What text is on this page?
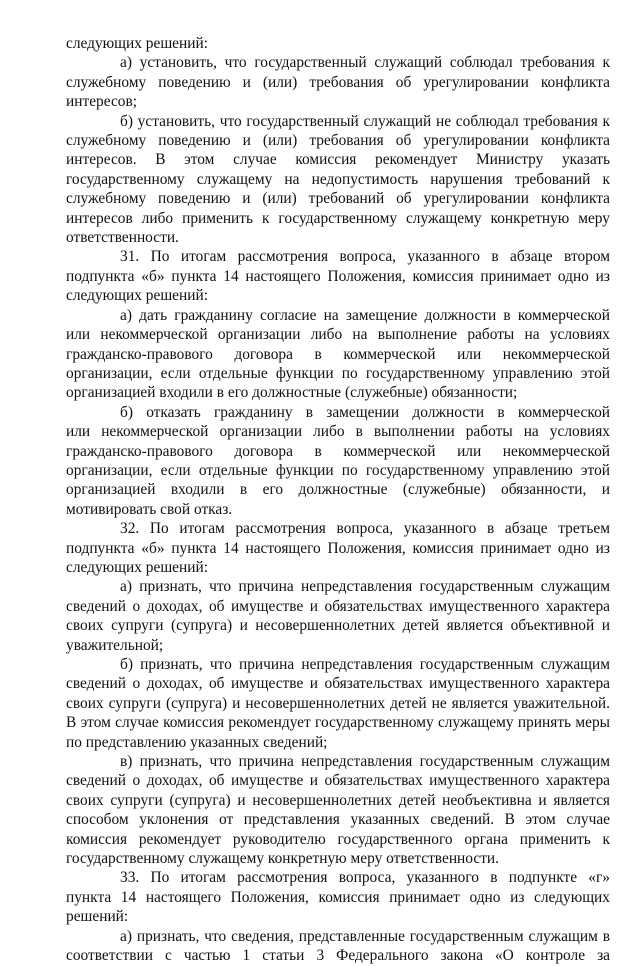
следующих решений:
а) установить, что государственный служащий соблюдал требования к
служебному поведению и (или) требования об урегулировании конфликта
интересов;
б) установить, что государственный служащий не соблюдал требования к
служебному поведению и (или) требования об урегулировании конфликта
интересов. В этом случае комиссия рекомендует Министру указать
государственному служащему на недопустимость нарушения требований к
служебному поведению и (или) требований об урегулировании конфликта
интересов либо применить к государственному служащему конкретную меру
ответственности.
31. По итогам рассмотрения вопроса, указанного в абзаце втором
подпункта «б» пункта 14 настоящего Положения, комиссия принимает одно из
следующих решений:
а) дать гражданину согласие на замещение должности в коммерческой
или некоммерческой организации либо на выполнение работы на условиях
гражданско-правового договора в коммерческой или некоммерческой
организации, если отдельные функции по государственному управлению этой
организацией входили в его должностные (служебные) обязанности;
б) отказать гражданину в замещении должности в коммерческой
или некоммерческой организации либо в выполнении работы на условиях
гражданско-правового договора в коммерческой или некоммерческой
организации, если отдельные функции по государственному управлению этой
организацией входили в его должностные (служебные) обязанности, и
мотивировать свой отказ.
32. По итогам рассмотрения вопроса, указанного в абзаце третьем
подпункта «б» пункта 14 настоящего Положения, комиссия принимает одно из
следующих решений:
а) признать, что причина непредставления государственным служащим
сведений о доходах, об имуществе и обязательствах имущественного характера
своих супруги (супруга) и несовершеннолетних детей является объективной и
уважительной;
б) признать, что причина непредставления государственным служащим
сведений о доходах, об имуществе и обязательствах имущественного характера
своих супруги (супруга) и несовершеннолетних детей не является уважительной.
В этом случае комиссия рекомендует государственному служащему принять меры
по представлению указанных сведений;
в) признать, что причина непредставления государственным служащим
сведений о доходах, об имуществе и обязательствах имущественного характера
своих супруги (супруга) и несовершеннолетних детей необъективна и является
способом уклонения от представления указанных сведений. В этом случае
комиссия рекомендует руководителю государственного органа применить к
государственному служащему конкретную меру ответственности.
33. По итогам рассмотрения вопроса, указанного в подпункте «г»
пункта 14 настоящего Положения, комиссия принимает одно из следующих
решений:
а) признать, что сведения, представленные государственным служащим в
соответствии с частью 1 статьи 3 Федерального закона «О контроле за
